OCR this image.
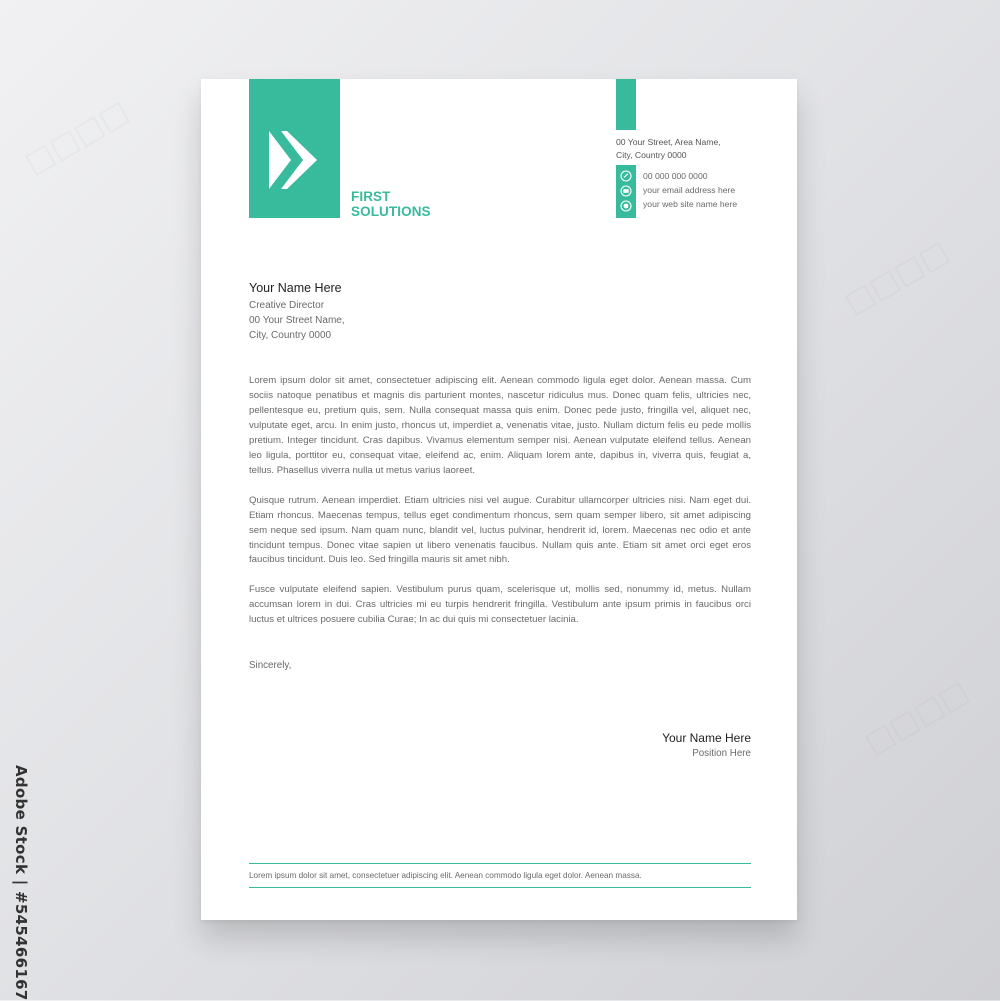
□□□□
□□□□
□□□□
Adobe Stock | #545466167
FIRST
SOLUTIONS
00 Your Street, Area Name,
City, Country 0000
00 000 000 0000
your email address here
your web site name here
Your Name Here
Creative Director
00 Your Street Name,
City, Country 0000

Lorem ipsum dolor sit amet, consectetuer adipiscing elit. Aenean commodo ligula eget dolor. Aenean massa. Cum sociis natoque penatibus et magnis dis parturient montes, nascetur ridiculus mus. Donec quam felis, ultricies nec, pellentesque eu, pretium quis, sem. Nulla consequat massa quis enim. Donec pede justo, fringilla vel, aliquet nec, vulputate eget, arcu. In enim justo, rhoncus ut, imperdiet a, venenatis vitae, justo. Nullam dictum felis eu pede mollis pretium. Integer tincidunt. Cras dapibus. Vivamus elementum semper nisi. Aenean vulputate eleifend tellus. Aenean leo ligula, porttitor eu, consequat vitae, eleifend ac, enim. Aliquam lorem ante, dapibus in, viverra quis, feugiat a, tellus. Phasellus viverra nulla ut metus varius laoreet.

Quisque rutrum. Aenean imperdiet. Etiam ultricies nisi vel augue. Curabitur ullamcorper ultricies nisi. Nam eget dui. Etiam rhoncus. Maecenas tempus, tellus eget condimentum rhoncus, sem quam semper libero, sit amet adipiscing sem neque sed ipsum. Nam quam nunc, blandit vel, luctus pulvinar, hendrerit id, lorem. Maecenas nec odio et ante tincidunt tempus. Donec vitae sapien ut libero venenatis faucibus. Nullam quis ante. Etiam sit amet orci eget eros faucibus tincidunt. Duis leo. Sed fringilla mauris sit amet nibh.

Fusce vulputate eleifend sapien. Vestibulum purus quam, scelerisque ut, mollis sed, nonummy id, metus. Nullam accumsan lorem in dui. Cras ultricies mi eu turpis hendrerit fringilla. Vestibulum ante ipsum primis in faucibus orci luctus et ultrices posuere cubilia Curae; In ac dui quis mi consectetuer lacinia.

Sincerely,
Your Name Here
Position Here
Lorem ipsum dolor sit amet, consectetuer adipiscing elit. Aenean commodo ligula eget dolor. Aenean massa.
